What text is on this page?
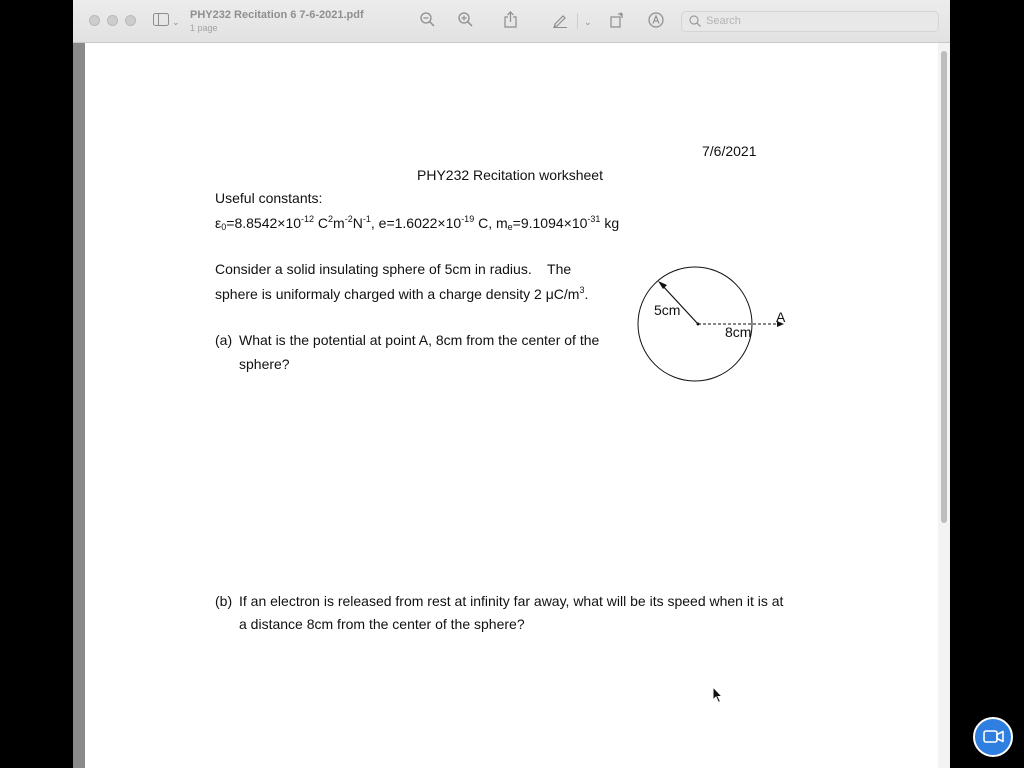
⌄
PHY232 Recitation 6 7-6-2021.pdf
1 page
⌄	Search
7/6/2021
PHY232 Recitation worksheet
Useful constants:
$\varepsilon_0=8.8542\times 10^{-12}$ $C^2m^{-2}N^{-1}$, $e=1.6022\times 10^{-19}$ C, $m_e=9.1094\times 10^{-31}$ kg
Consider a solid insulating sphere of 5cm in radius.    The
sphere is uniformaly charged with a charge density 2 $\mu C/m^3$.
(a) What is the potential at point A, 8cm from the center of the
sphere?
5cm
8cm
A
(b) If an electron is released from rest at infinity far away, what will be its speed when it is at
a distance 8cm from the center of the sphere?
